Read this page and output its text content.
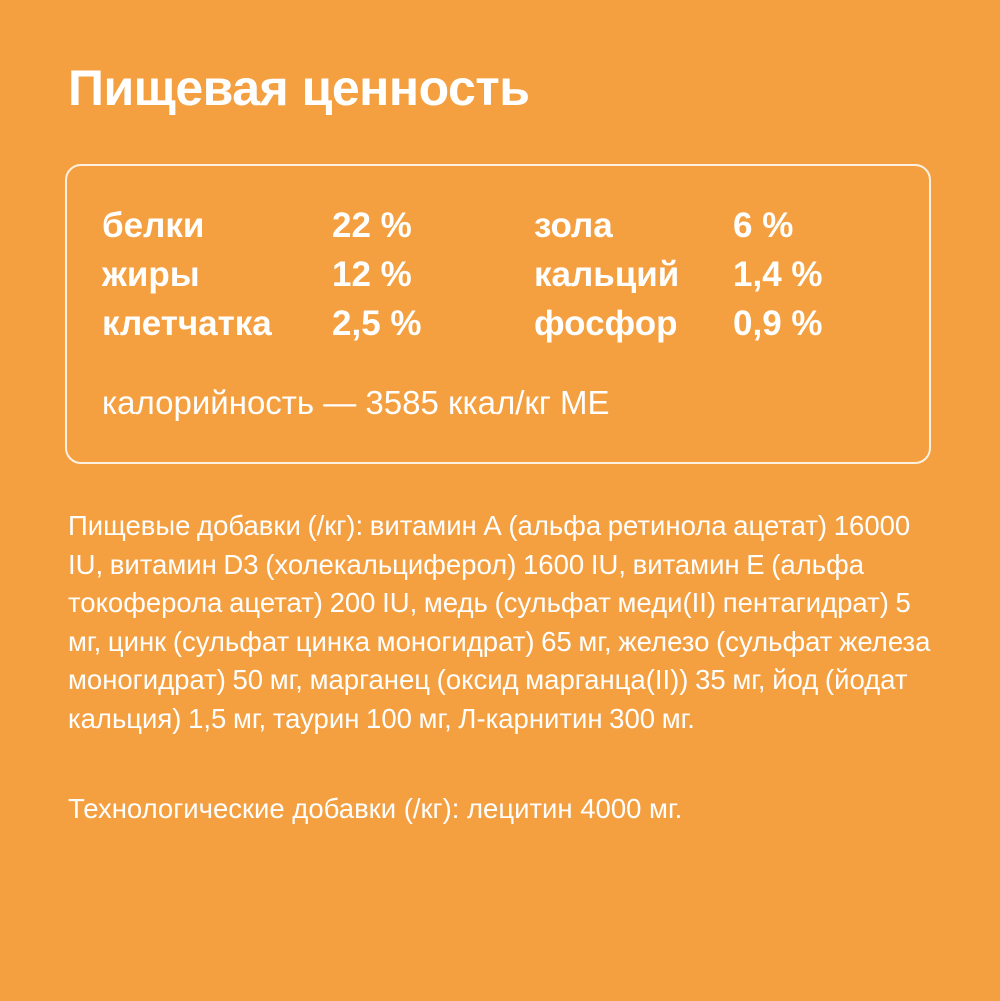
Пищевая ценность
белки	22 %	зола	6 %
жиры	12 %	кальций 1,4 %
клетчатка 2,5 %	фосфор 0,9 %
калорийность — 3585 ккал/кг МЕ

Пищевые добавки (/кг): витамин А (альфа ретинола ацетат) 16000 IU, витамин D3 (холекальциферол) 1600 IU, витамин Е (альфа токоферола ацетат) 200 IU, медь (сульфат меди(II) пентагидрат) 5 мг, цинк (сульфат цинка моногидрат) 65 мг, железо (сульфат железа моногидрат) 50 мг, марганец (оксид марганца(II)) 35 мг, йод (йодат кальция) 1,5 мг, таурин 100 мг, Л-карнитин 300 мг.

Технологические добавки (/кг): лецитин 4000 мг.
